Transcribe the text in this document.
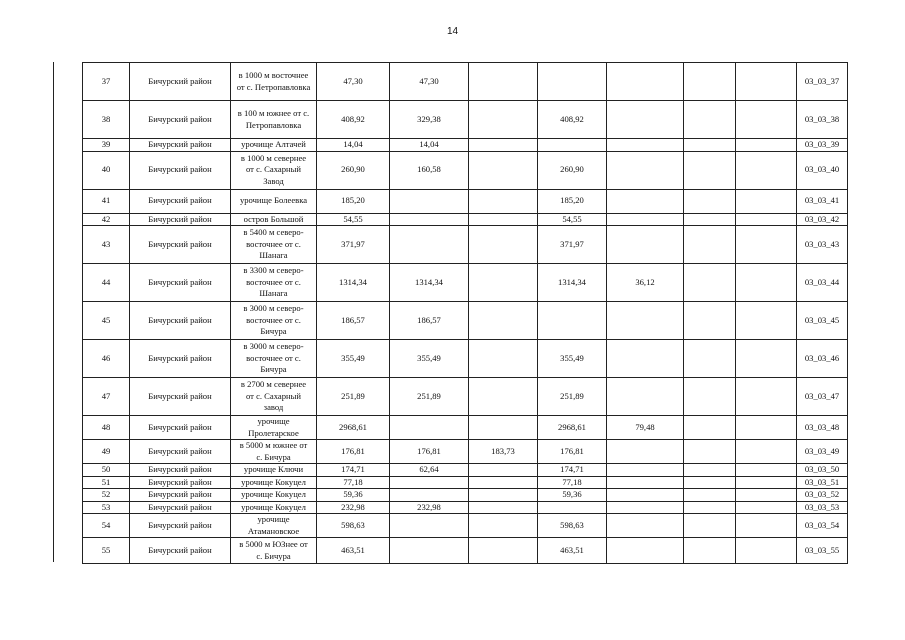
14
37	Бичурский район	в 1000 м восточнее
от с. Петропавловка	47,30	47,30						03_03_37
38	Бичурский район	в 100 м южнее от с.
Петропавловка	408,92	329,38		408,92				03_03_38
39	Бичурский район	урочище Алтачей	14,04	14,04						03_03_39
40	Бичурский район	в 1000 м севернее
от с. Сахарный
Завод	260,90	160,58		260,90				03_03_40
41	Бичурский район	урочище Болеевка	185,20			185,20				03_03_41
42	Бичурский район	остров Большой	54,55			54,55				03_03_42
43	Бичурский район	в 5400 м северо-
восточнее от с.
Шанага	371,97			371,97				03_03_43
44	Бичурский район	в 3300 м северо-
восточнее от с.
Шанага	1314,34	1314,34		1314,34	36,12			03_03_44
45	Бичурский район	в 3000 м северо-
восточнее от с.
Бичура	186,57	186,57						03_03_45
46	Бичурский район	в 3000 м северо-
восточнее от с.
Бичура	355,49	355,49		355,49				03_03_46
47	Бичурский район	в 2700 м севернее
от с. Сахарный
завод	251,89	251,89		251,89				03_03_47
48	Бичурский район	урочище
Пролетарское	2968,61			2968,61	79,48			03_03_48
49	Бичурский район	в 5000 м южнее от
с. Бичура	176,81	176,81	183,73	176,81				03_03_49
50	Бичурский район	урочище Ключи	174,71	62,64		174,71				03_03_50
51	Бичурский район	урочище Кокуцел	77,18			77,18				03_03_51
52	Бичурский район	урочище Кокуцел	59,36			59,36				03_03_52
53	Бичурский район	урочище Кокуцел	232,98	232,98						03_03_53
54	Бичурский район	урочище
Атамановское	598,63			598,63				03_03_54
55	Бичурский район	в 5000 м ЮЗнее от
с. Бичура	463,51			463,51				03_03_55
